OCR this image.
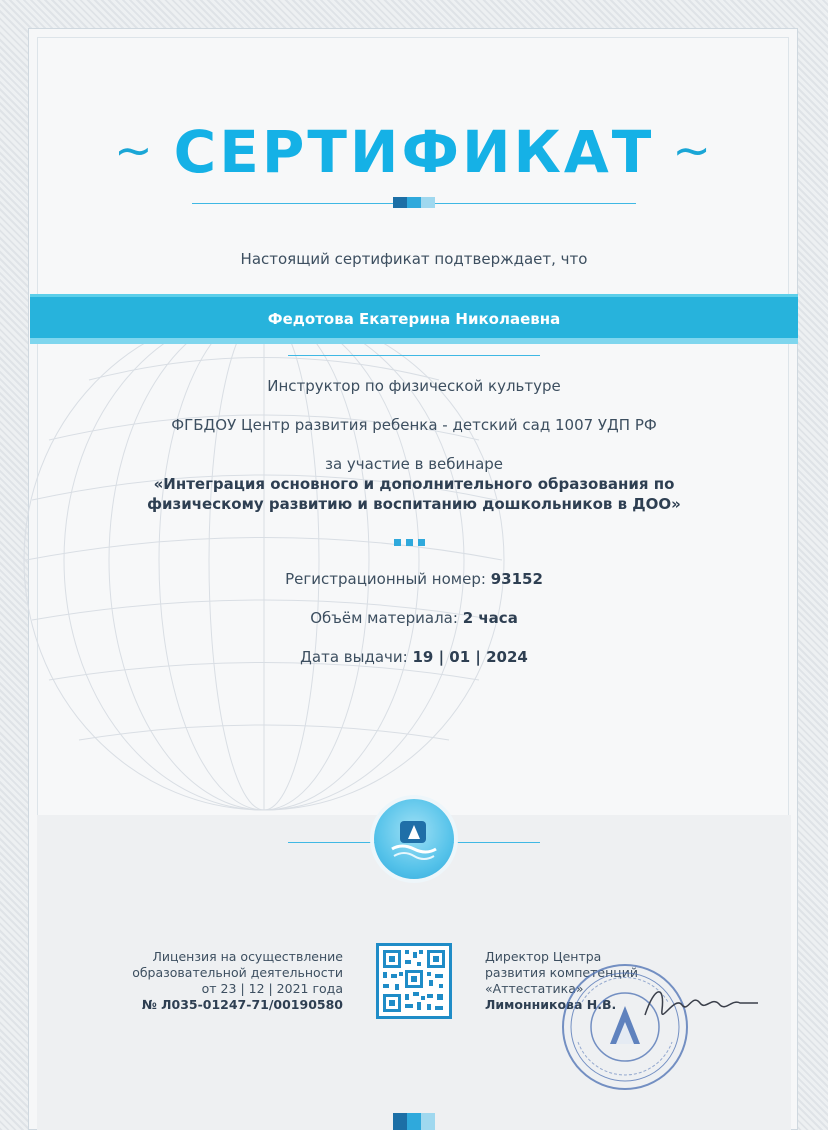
~ СЕРТИФИКАТ ~
Настоящий сертификат подтверждает, что
Федотова Екатерина Николаевна
Инструктор по физической культуре
ФГБДОУ Центр развития ребенка - детский сад 1007 УДП РФ
за участие в вебинаре
«Интеграция основного и дополнительного образования по
физическому развитию и воспитанию дошкольников в ДОО»
Регистрационный номер: 93152
Объём материала: 2 часа
Дата выдачи: 19 | 01 | 2024
Лицензия на осуществление
образовательной деятельности
от 23 | 12 | 2021 года
№ Л035-01247-71/00190580
Директор Центра
развития компетенций
«Аттестатика»
Лимонникова Н.В.
